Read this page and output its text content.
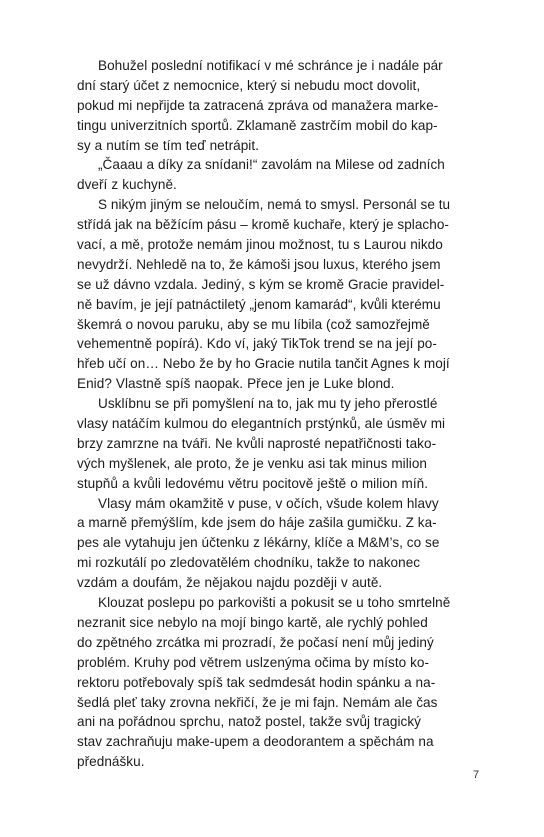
Bohužel poslední notifikací v mé schránce je i nadále pár
dní starý účet z nemocnice, který si nebudu moct dovolit,
pokud mi nepřijde ta zatracená zpráva od manažera marke-
tingu univerzitních sportů. Zklamaně zastrčím mobil do kap-
sy a nutím se tím teď netrápit.
„Čaaau a díky za snídani!“ zavolám na Milese od zadních
dveří z kuchyně.
S nikým jiným se neloučím, nemá to smysl. Personál se tu
střídá jak na běžícím pásu – kromě kuchaře, který je splacho-
vací, a mě, protože nemám jinou možnost, tu s Laurou nikdo
nevydrží. Nehledě na to, že kámoši jsou luxus, kterého jsem
se už dávno vzdala. Jediný, s kým se kromě Gracie pravidel-
ně bavím, je její patnáctiletý „jenom kamarád“, kvůli kterému
škemrá o novou paruku, aby se mu líbila (což samozřejmě
vehementně popírá). Kdo ví, jaký TikTok trend se na její po-
hřeb učí on… Nebo že by ho Gracie nutila tančit Agnes k mojí
Enid? Vlastně spíš naopak. Přece jen je Luke blond.
Usklíbnu se při pomyšlení na to, jak mu ty jeho přerostlé
vlasy natáčím kulmou do elegantních prstýnků, ale úsměv mi
brzy zamrzne na tváři. Ne kvůli naprosté nepatřičnosti tako-
vých myšlenek, ale proto, že je venku asi tak minus milion
stupňů a kvůli ledovému větru pocitově ještě o milion míň.
Vlasy mám okamžitě v puse, v očích, všude kolem hlavy
a marně přemýšlím, kde jsem do háje zašila gumičku. Z ka-
pes ale vytahuju jen účtenku z lékárny, klíče a M&M’s, co se
mi rozkutálí po zledovatělém chodníku, takže to nakonec
vzdám a doufám, že nějakou najdu později v autě.
Klouzat poslepu po parkovišti a pokusit se u toho smrtelně
nezranit sice nebylo na mojí bingo kartě, ale rychlý pohled
do zpětného zrcátka mi prozradí, že počasí není můj jediný
problém. Kruhy pod větrem uslzenýma očima by místo ko-
rektoru potřebovaly spíš tak sedmdesát hodin spánku a na-
šedlá pleť taky zrovna nekřičí, že je mi fajn. Nemám ale čas
ani na pořádnou sprchu, natož postel, takže svůj tragický
stav zachraňuju make-upem a deodorantem a spěchám na
přednášku.
7
